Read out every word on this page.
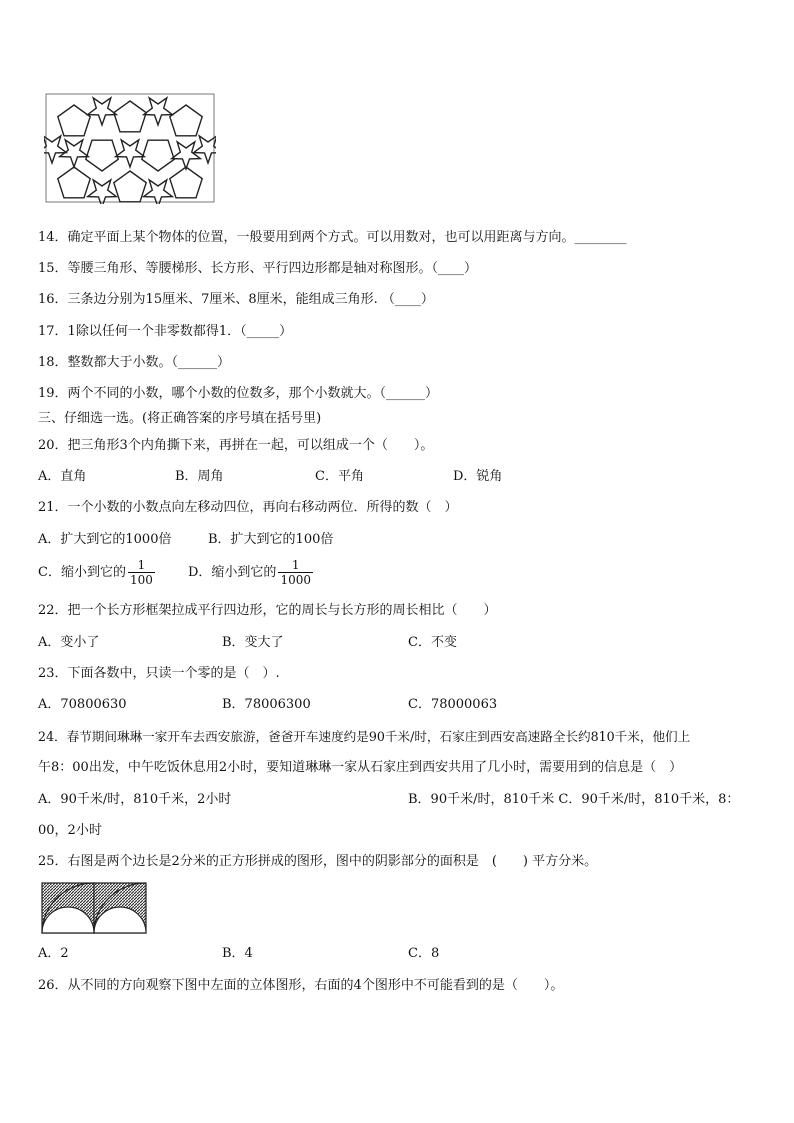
14．确定平面上某个物体的位置，一般要用到两个方式。可以用数对，也可以用距离与方向。________
15．等腰三角形、等腰梯形、长方形、平行四边形都是轴对称图形。（____）
16．三条边分别为15厘米、7厘米、8厘米，能组成三角形. （____）
17．1除以任何一个非零数都得1．（_____）
18．整数都大于小数。（______）
19．两个不同的小数，哪个小数的位数多，那个小数就大。（______）
三、仔细选一选。(将正确答案的序号填在括号里)
20．把三角形3个内角撕下来，再拼在一起，可以组成一个（　　）。
A．直角	B．周角	C．平角	D．锐角
21．一个小数的小数点向左移动四位，再向右移动两位．所得的数（　）
A．扩大到它的1000倍	B．扩大到它的100倍
C．缩小到它的 $\frac{1}{100}$	D．缩小到它的 $\frac{1}{1000}$
22．把一个长方形框架拉成平行四边形，它的周长与长方形的周长相比（　　）
A．变小了	B．变大了	C．不变
23．下面各数中，只读一个零的是（　）.
A．70800630	B．78006300	C．78000063
24．春节期间琳琳一家开车去西安旅游，爸爸开车速度约是90千米/时，石家庄到西安高速路全长约810千米，他们上
午8：00出发，中午吃饭休息用2小时，要知道琳琳一家从石家庄到西安共用了几小时，需要用到的信息是（　）
A．90千米/时，810千米，2小时	B．90千米/时，810千米 C．90千米/时，810千米，8：
00，2小时
25．右图是两个边长是2分米的正方形拼成的图形，图中的阴影部分的面积是　(　　) 平方分米。
A．2	B．4	C．8
26．从不同的方向观察下图中左面的立体图形，右面的4个图形中不可能看到的是（　　）。
